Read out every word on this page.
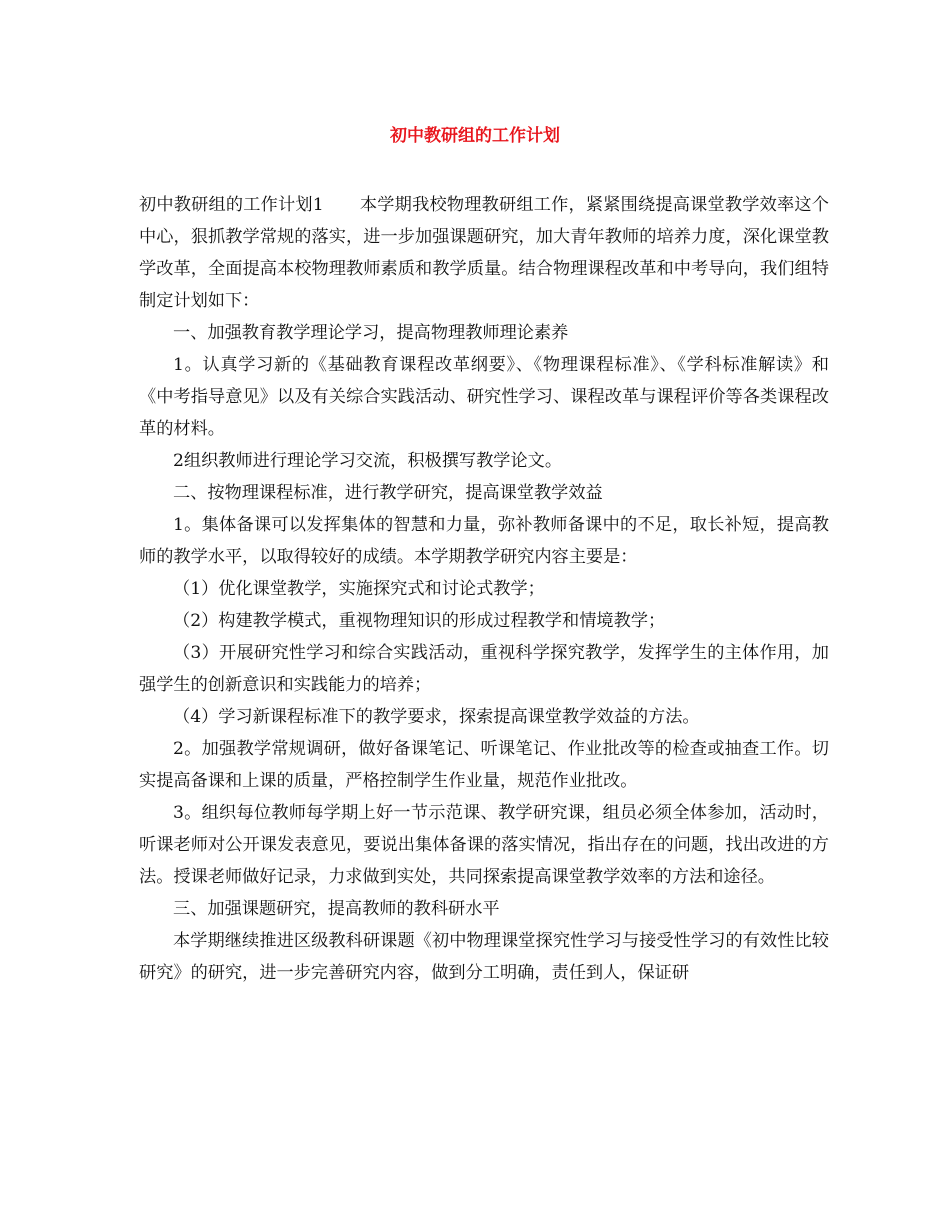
初中教研组的工作计划

初中教研组的工作计划1 本学期我校物理教研组工作，紧紧围绕提高课堂教学效率这个中心，狠抓教学常规的落实，进一步加强课题研究，加大青年教师的培养力度，深化课堂教学改革，全面提高本校物理教师素质和教学质量。结合物理课程改革和中考导向，我们组特制定计划如下：

一、加强教育教学理论学习，提高物理教师理论素养

1。认真学习新的《基础教育课程改革纲要》、《物理课程标准》、《学科标准解读》和《中考指导意见》以及有关综合实践活动、研究性学习、课程改革与课程评价等各类课程改革的材料。

2组织教师进行理论学习交流，积极撰写教学论文。

二、按物理课程标准，进行教学研究，提高课堂教学效益

1。集体备课可以发挥集体的智慧和力量，弥补教师备课中的不足，取长补短，提高教师的教学水平，以取得较好的成绩。本学期教学研究内容主要是：

（1）优化课堂教学，实施探究式和讨论式教学；

（2）构建教学模式，重视物理知识的形成过程教学和情境教学；

（3）开展研究性学习和综合实践活动，重视科学探究教学，发挥学生的主体作用，加强学生的创新意识和实践能力的培养；

（4）学习新课程标准下的教学要求，探索提高课堂教学效益的方法。

2。加强教学常规调研，做好备课笔记、听课笔记、作业批改等的检查或抽查工作。切实提高备课和上课的质量，严格控制学生作业量，规范作业批改。

3。组织每位教师每学期上好一节示范课、教学研究课，组员必须全体参加，活动时，听课老师对公开课发表意见，要说出集体备课的落实情况，指出存在的问题，找出改进的方法。授课老师做好记录，力求做到实处，共同探索提高课堂教学效率的方法和途径。

三、加强课题研究，提高教师的教科研水平

本学期继续推进区级教科研课题《初中物理课堂探究性学习与接受性学习的有效性比较研究》的研究，进一步完善研究内容，做到分工明确，责任到人，保证研
